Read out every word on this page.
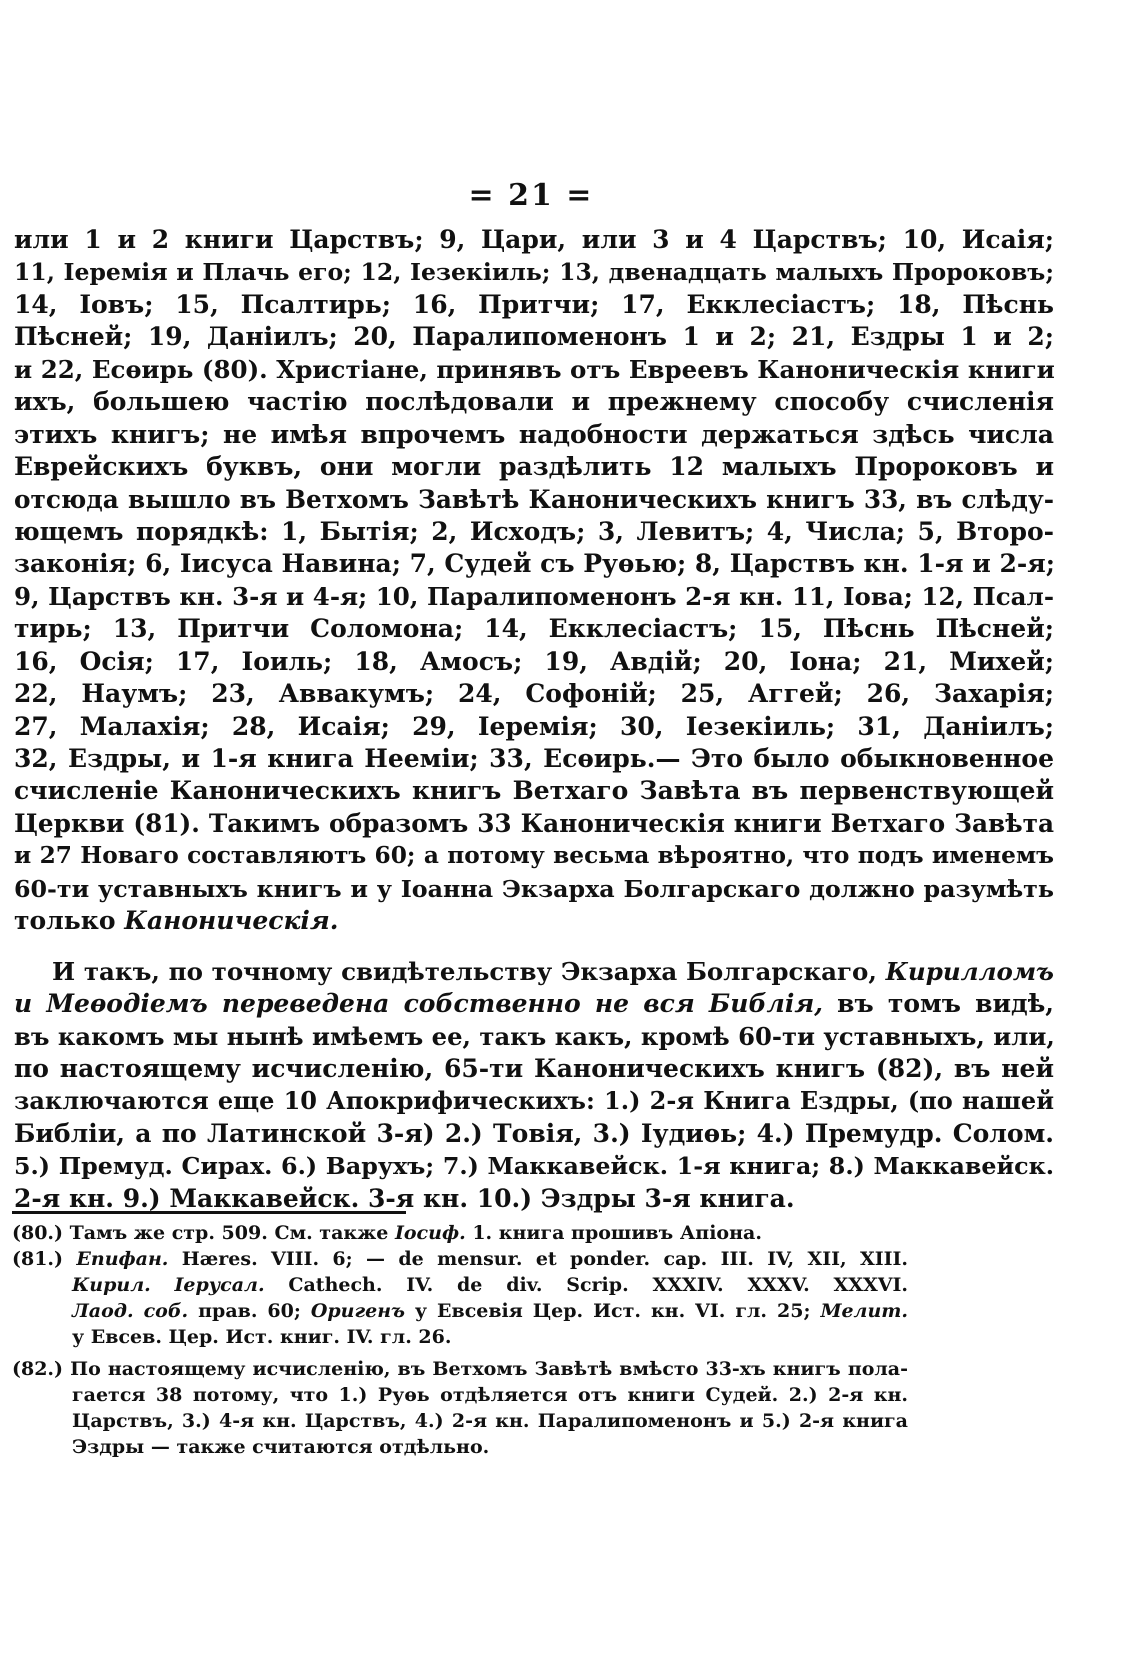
= 21 =
или 1 и 2 книги Царствъ; 9, Цари, или 3 и 4 Царствъ; 10, Исаія;
11, Іеремія и Плачь его; 12, Іезекіиль; 13, двенадцать малыхъ Пророковъ;
14, Іовъ; 15, Псалтирь; 16, Притчи; 17, Екклесіастъ; 18, Пѣснь
Пѣсней; 19, Даніилъ; 20, Паралипоменонъ 1 и 2; 21, Ездры 1 и 2;
и 22, Есѳирь (80). Христіане, принявъ отъ Евреевъ Каноническія книги
ихъ, большею частію послѣдовали и прежнему способу счисленія
этихъ книгъ; не имѣя впрочемъ надобности держаться здѣсь числа
Еврейскихъ буквъ, они могли раздѣлить 12 малыхъ Пророковъ и
отсюда вышло въ Ветхомъ Завѣтѣ Каноническихъ книгъ 33, въ слѣду-
ющемъ порядкѣ: 1, Бытія; 2, Исходъ; 3, Левитъ; 4, Числа; 5, Второ-
законія; 6, Іисуса Навина; 7, Судей съ Руѳью; 8, Царствъ кн. 1-я и 2-я;
9, Царствъ кн. 3-я и 4-я; 10, Паралипоменонъ 2-я кн. 11, Іова; 12, Псал-
тирь; 13, Притчи Соломона; 14, Екклесіастъ; 15, Пѣснь Пѣсней;
16, Осія; 17, Іоиль; 18, Амосъ; 19, Авдій; 20, Іона; 21, Михей;
22, Наумъ; 23, Аввакумъ; 24, Софоній; 25, Аггей; 26, Захарія;
27, Малахія; 28, Исаія; 29, Іеремія; 30, Іезекіиль; 31, Даніилъ;
32, Ездры, и 1-я книга Нееміи; 33, Есѳирь.— Это было обыкновенное
счисленіе Каноническихъ книгъ Ветхаго Завѣта въ первенствующей
Церкви (81). Такимъ образомъ 33 Каноническія книги Ветхаго Завѣта
и 27 Новаго составляютъ 60; а потому весьма вѣроятно, что подъ именемъ
60-ти уставныхъ книгъ и у Іоанна Экзарха Болгарскаго должно разумѣть
только Каноническія.
И такъ, по точному свидѣтельству Экзарха Болгарскаго, Кирилломъ
и Меѳодіемъ переведена собственно не вся Библія, въ томъ видѣ,
въ какомъ мы нынѣ имѣемъ ее, такъ какъ, кромѣ 60-ти уставныхъ, или,
по настоящему исчисленію, 65-ти Каноническихъ книгъ (82), въ ней
заключаются еще 10 Апокрифическихъ: 1.) 2-я Книга Ездры, (по нашей
Библіи, а по Латинской 3-я) 2.) Товія, 3.) Іудиѳь; 4.) Премудр. Солом.
5.) Премуд. Сирах. 6.) Варухъ; 7.) Маккавейск. 1-я книга; 8.) Маккавейск.
2-я кн. 9.) Маккавейск. 3-я кн. 10.) Эздры 3-я книга.
(80.) Тамъ же стр. 509. См. также Іосиф. 1. книга прошивъ Апіона.
(81.) Епифан. Hæres. VIII. 6; — de mensur. et ponder. cap. III. IV, XII, XIII.
Кирил. Іерусал. Cathech. IV. de div. Scrip. XXXIV. XXXV. XXXVI.
Лаод. соб. прав. 60; Оригенъ у Евсевія Цер. Ист. кн. VI. гл. 25; Мелит.
у Евсев. Цер. Ист. книг. IV. гл. 26.
(82.) По настоящему исчисленію, въ Ветхомъ Завѣтѣ вмѣсто 33-хъ книгъ пола-
гается 38 потому, что 1.) Руѳь отдѣляется отъ книги Судей. 2.) 2-я кн.
Царствъ, 3.) 4-я кн. Царствъ, 4.) 2-я кн. Паралипоменонъ и 5.) 2-я книга
Эздры — также считаются отдѣльно.
